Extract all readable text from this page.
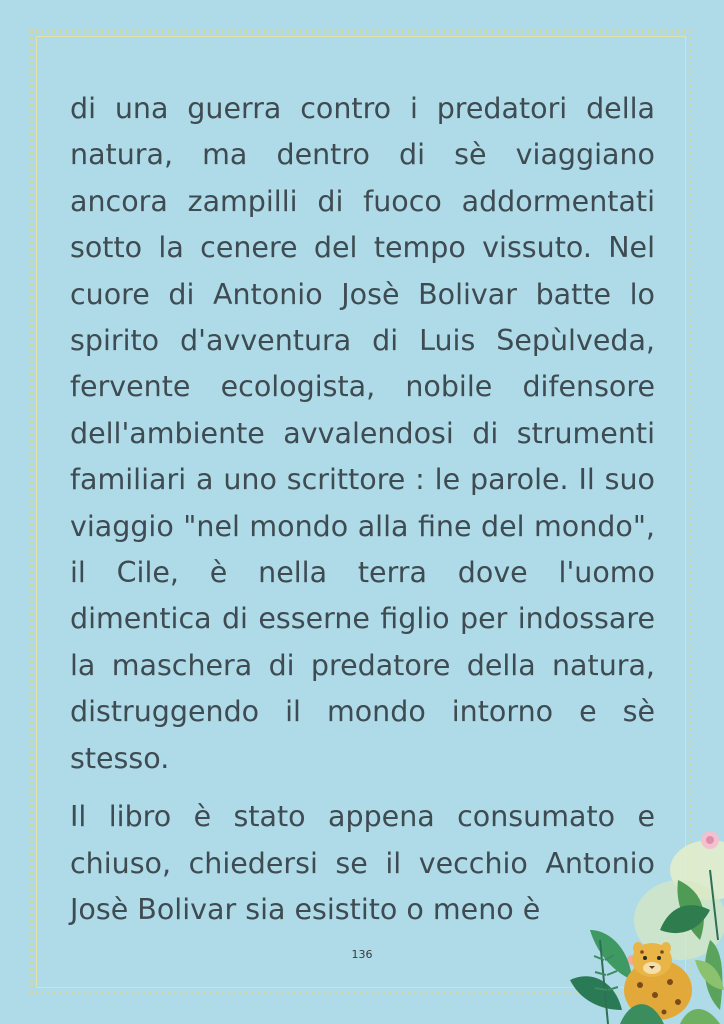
di una guerra contro i predatori della natura, ma dentro di sè viaggiano ancora zampilli di fuoco addormentati sotto la cenere del tempo vissuto. Nel cuore di Antonio Josè Bolivar batte lo spirito d'avventura di Luis Sepùlveda, fervente ecologista, nobile difensore dell'ambiente avvalendosi di strumenti familiari a uno scrittore : le parole. Il suo viaggio "nel mondo alla fine del mondo", il Cile, è nella terra dove l'uomo dimentica di esserne figlio per indossare la maschera di predatore della natura, distruggendo il mondo intorno e sè stesso.

Il libro è stato appena consumato e chiuso, chiedersi se il vecchio Antonio Josè Bolivar sia esistito o meno è

136
